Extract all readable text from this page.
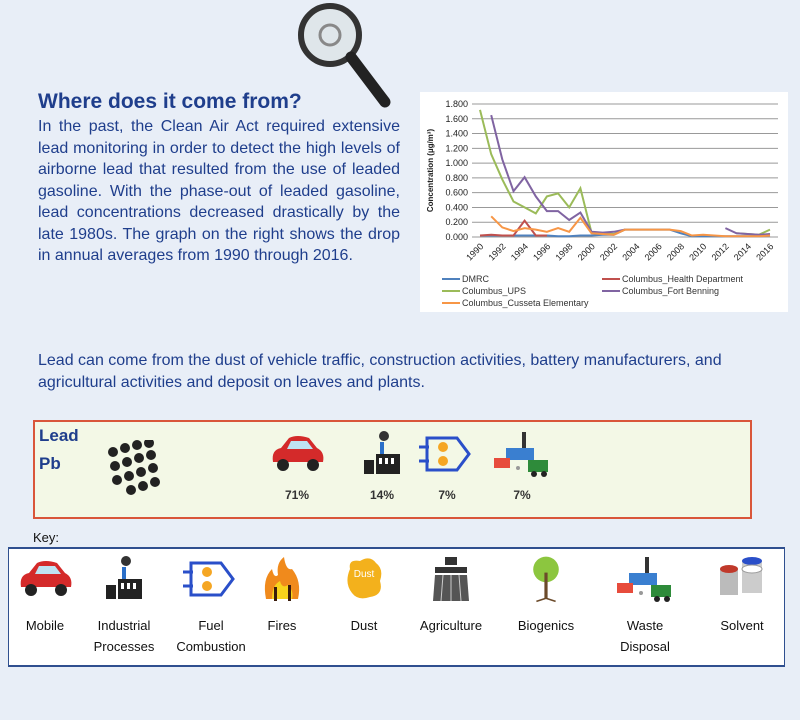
Where does it come from?
In the past, the Clean Air Act required extensive lead monitoring in order to detect the high levels of airborne lead that resulted from the use of leaded gasoline. With the phase-out of leaded gasoline, lead concentrations decreased drastically by the late 1980s. The graph on the right shows the drop in annual averages from 1990 through 2016.
0.000
0.200
0.400
0.600
0.800
1.000
1.200
1.400
1.600
1.800
Concentration (µg/m³)
1990 1992 1994 1996 1998 2000 2002 2004 2006 2008 2010 2012 2014 2016
DMRC	Columbus_Health Department
Columbus_UPS	Columbus_Fort Benning
Columbus_Cusseta Elementary
Lead can come from the dust of vehicle traffic, construction activities, battery manufacturers, and agricultural activities and deposit on leaves and plants.
Lead
Pb
71%	14%	7%	7%
Mobile	Industrial
Processes
Fuel
Combustion
Fires
Dust
Dust	Agriculture	Biogenics	Waste
Disposal
Solvent
Key:
